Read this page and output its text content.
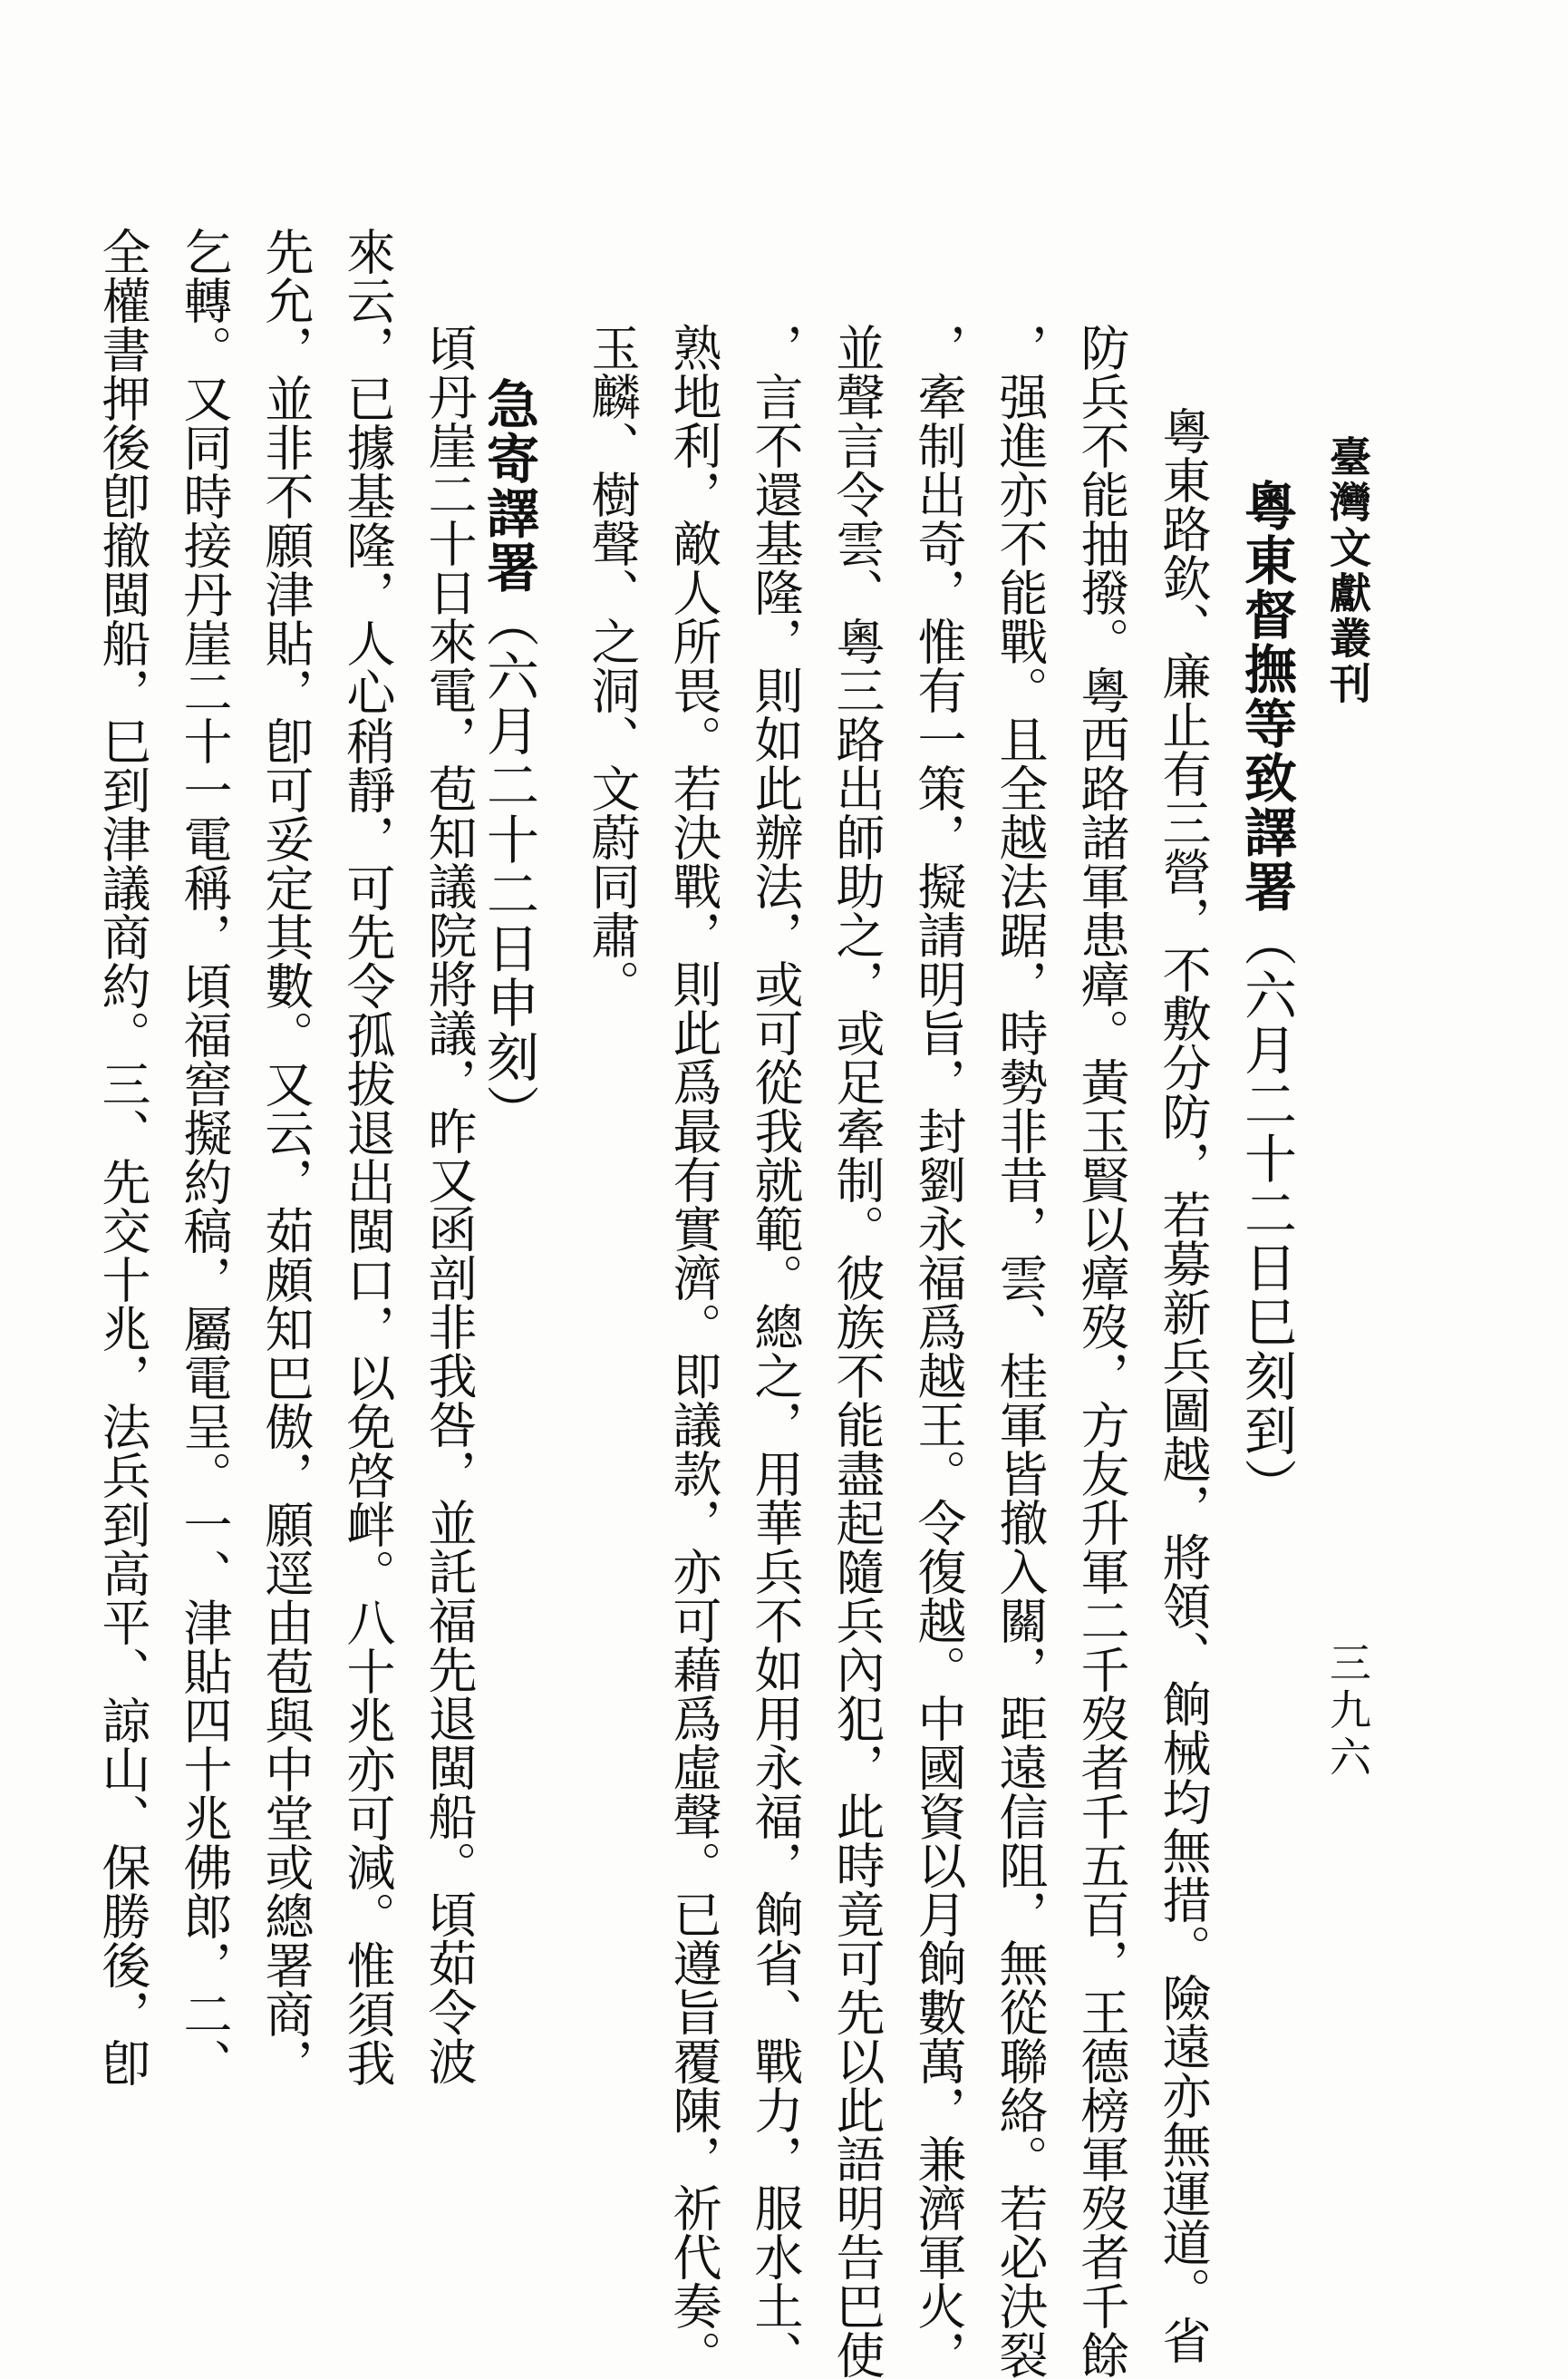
臺灣文獻叢刊
三九六
粵東督撫等致譯署（六月二十二日巳刻到）
粵東路欽、廉止有三營，不敷分防，若募新兵圖越，將領、餉械均無措。險遠亦無運道。省
防兵不能抽撥。粵西路諸軍患瘴。黃玉賢以瘴歿，方友升軍二千歿者千五百，王德榜軍歿者千餘
，强進亦不能戰。且全越法踞，時勢非昔，雲、桂軍皆撤入關，距遠信阻，無從聯絡。若必決裂
，牽制出奇，惟有一策，擬請明旨，封劉永福爲越王。令復越。中國資以月餉數萬，兼濟軍火，
並聲言令雲、粵三路出師助之，或足牽制。彼族不能盡起隨兵內犯，此時竟可先以此語明告巴使
，言不還基隆，則如此辦法，或可從我就範。總之，用華兵不如用永福，餉省、戰力，服水土、
熟地利，敵人所畏。若決戰，則此爲最有實濟。即議款，亦可藉爲虛聲。已遵旨覆陳，祈代奏。
玉麟、樹聲、之洞、文蔚同肅。
急寄譯署（六月二十二日申刻）
頃丹崖二十日來電，苞知議院將議，昨又函剖非我咎，並託福先退閩船。頃茹令波
來云，已據基隆，人心稍靜，可先令孤拔退出閩口，以免啓衅。八十兆亦可減。惟須我
先允，並非不願津貼，卽可妥定其數。又云，茹頗知巴傲，願逕由苞與中堂或總署商，
乞轉。又同時接丹崖二十一電稱，頃福窖擬約稿，屬電呈。一、津貼四十兆佛郎，二、
全權書押後卽撤閩船，巳到津議商約。三、先交十兆，法兵到高平、諒山、保勝後，卽
